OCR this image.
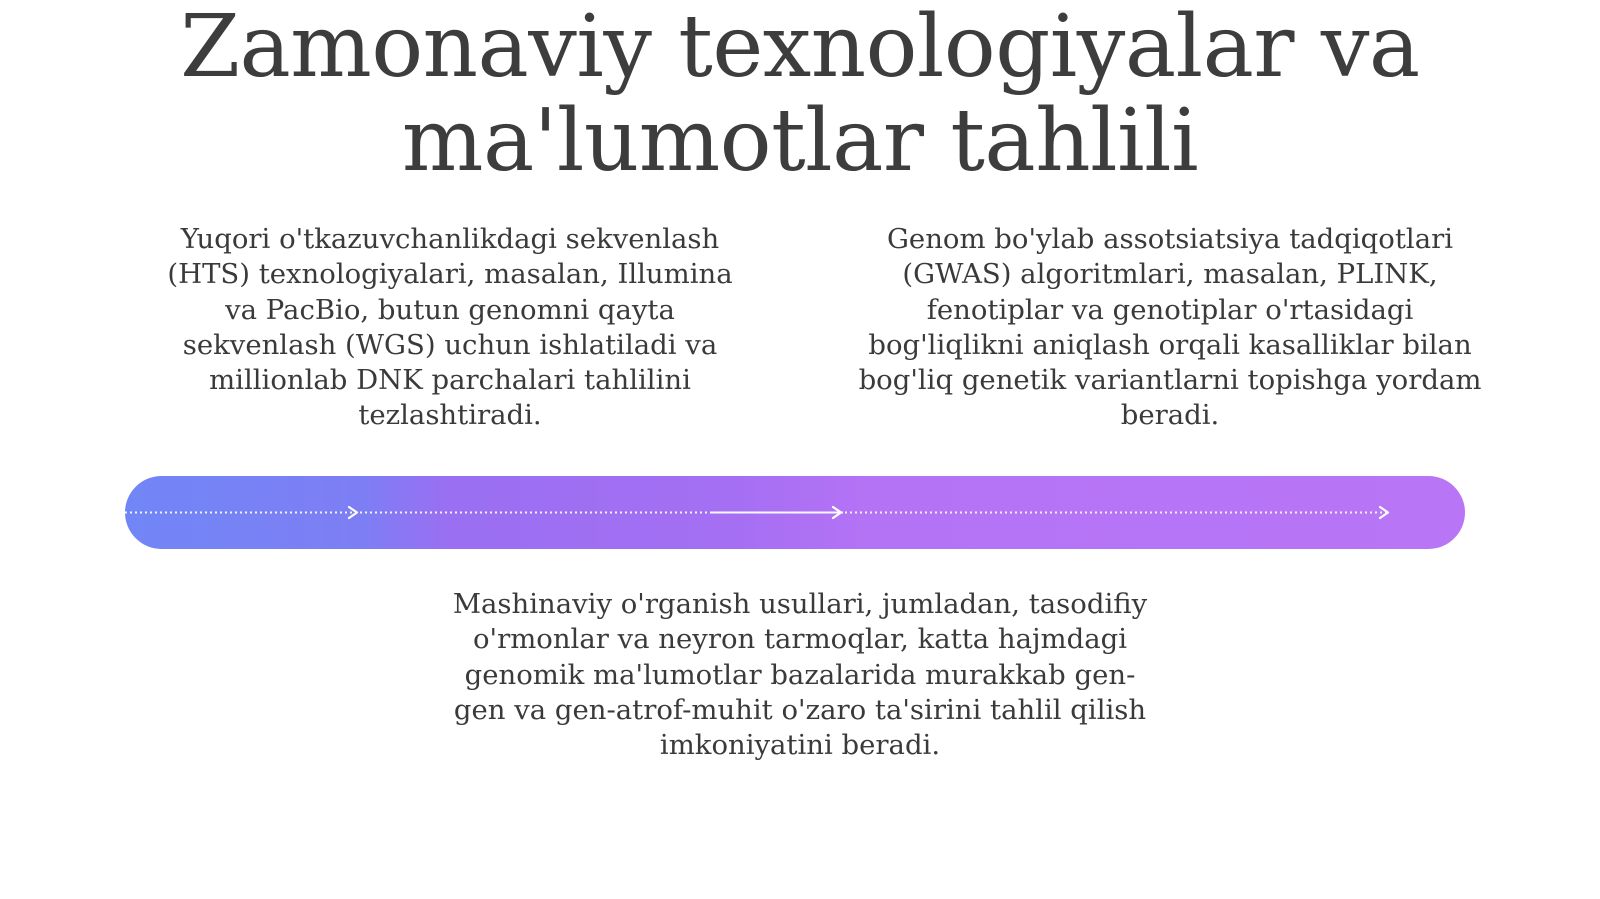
Zamonaviy texnologiyalar va ma'lumotlar tahlili

Yuqori o'tkazuvchanlikdagi sekvenlash (HTS) texnologiyalari, masalan, Illumina va PacBio, butun genomni qayta sekvenlash (WGS) uchun ishlatiladi va millionlab DNK parchalari tahlilini tezlashtiradi.

Genom bo'ylab assotsiatsiya tadqiqotlari (GWAS) algoritmlari, masalan, PLINK, fenotiplar va genotiplar o'rtasidagi bog'liqlikni aniqlash orqali kasalliklar bilan bog'liq genetik variantlarni topishga yordam beradi.

Mashinaviy o'rganish usullari, jumladan, tasodifiy o'rmonlar va neyron tarmoqlar, katta hajmdagi genomik ma'lumotlar bazalarida murakkab gen-gen va gen-atrof-muhit o'zaro ta'sirini tahlil qilish imkoniyatini beradi.
